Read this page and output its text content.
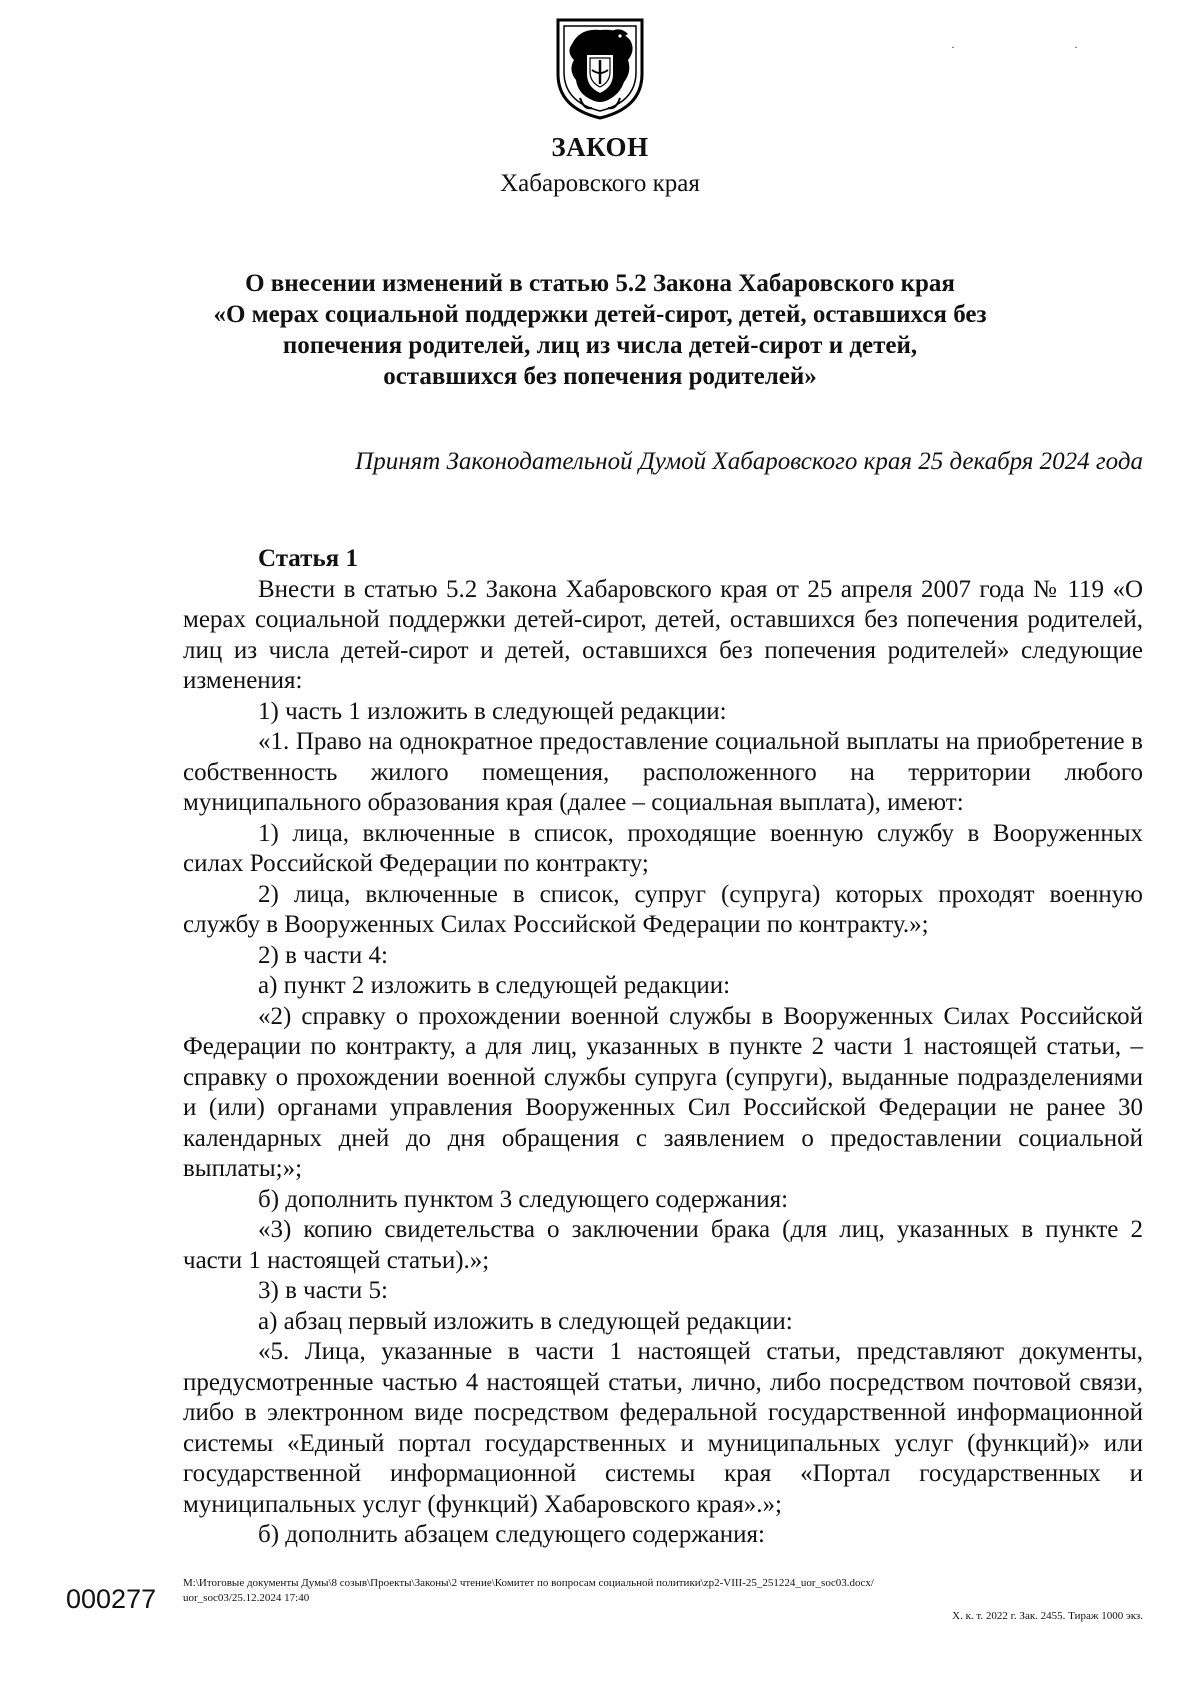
· ·
ЗАКОН
Хабаровского края
О внесении изменений в статью 5.2 Закона Хабаровского края
«О мерах социальной поддержки детей-сирот, детей, оставшихся без
попечения родителей, лиц из числа детей-сирот и детей,
оставшихся без попечения родителей»
Принят Законодательной Думой Хабаровского края 25 декабря 2024 года
Статья 1

Внести в статью 5.2 Закона Хабаровского края от 25 апреля 2007 года № 119 «О мерах социальной поддержки детей-сирот, детей, оставшихся без попечения родителей, лиц из числа детей-сирот и детей, оставшихся без попечения родителей» следующие изменения:

1) часть 1 изложить в следующей редакции:

«1. Право на однократное предоставление социальной выплаты на приобретение в собственность жилого помещения, расположенного на территории любого муниципального образования края (далее – социальная выплата), имеют:

1) лица, включенные в список, проходящие военную службу в Вооруженных силах Российской Федерации по контракту;

2) лица, включенные в список, супруг (супруга) которых проходят военную службу в Вооруженных Силах Российской Федерации по контракту.»;

2) в части 4:

а) пункт 2 изложить в следующей редакции:

«2) справку о прохождении военной службы в Вооруженных Силах Российской Федерации по контракту, а для лиц, указанных в пункте 2 части 1 настоящей статьи, – справку о прохождении военной службы супруга (супруги), выданные подразделениями и (или) органами управления Вооруженных Сил Российской Федерации не ранее 30 календарных дней до дня обращения с заявлением о предоставлении социальной выплаты;»;

б) дополнить пунктом 3 следующего содержания:

«3) копию свидетельства о заключении брака (для лиц, указанных в пункте 2 части 1 настоящей статьи).»;

3) в части 5:

а) абзац первый изложить в следующей редакции:

«5. Лица, указанные в части 1 настоящей статьи, представляют документы, предусмотренные частью 4 настоящей статьи, лично, либо посредством почтовой связи, либо в электронном виде посредством федеральной государственной информационной системы «Единый портал государственных и муниципальных услуг (функций)» или государственной информационной системы края «Портал государственных и муниципальных услуг (функций) Хабаровского края».»;

б) дополнить абзацем следующего содержания:

000277
M:\Итоговые документы Думы\8 созыв\Проекты\Законы\2 чтение\Комитет по вопросам социальной политики\zp2-VIII-25_251224_uor_soc03.docx/
uor_soc03/25.12.2024 17:40
Х. к. т. 2022 г. Зак. 2455. Тираж 1000 экз.
